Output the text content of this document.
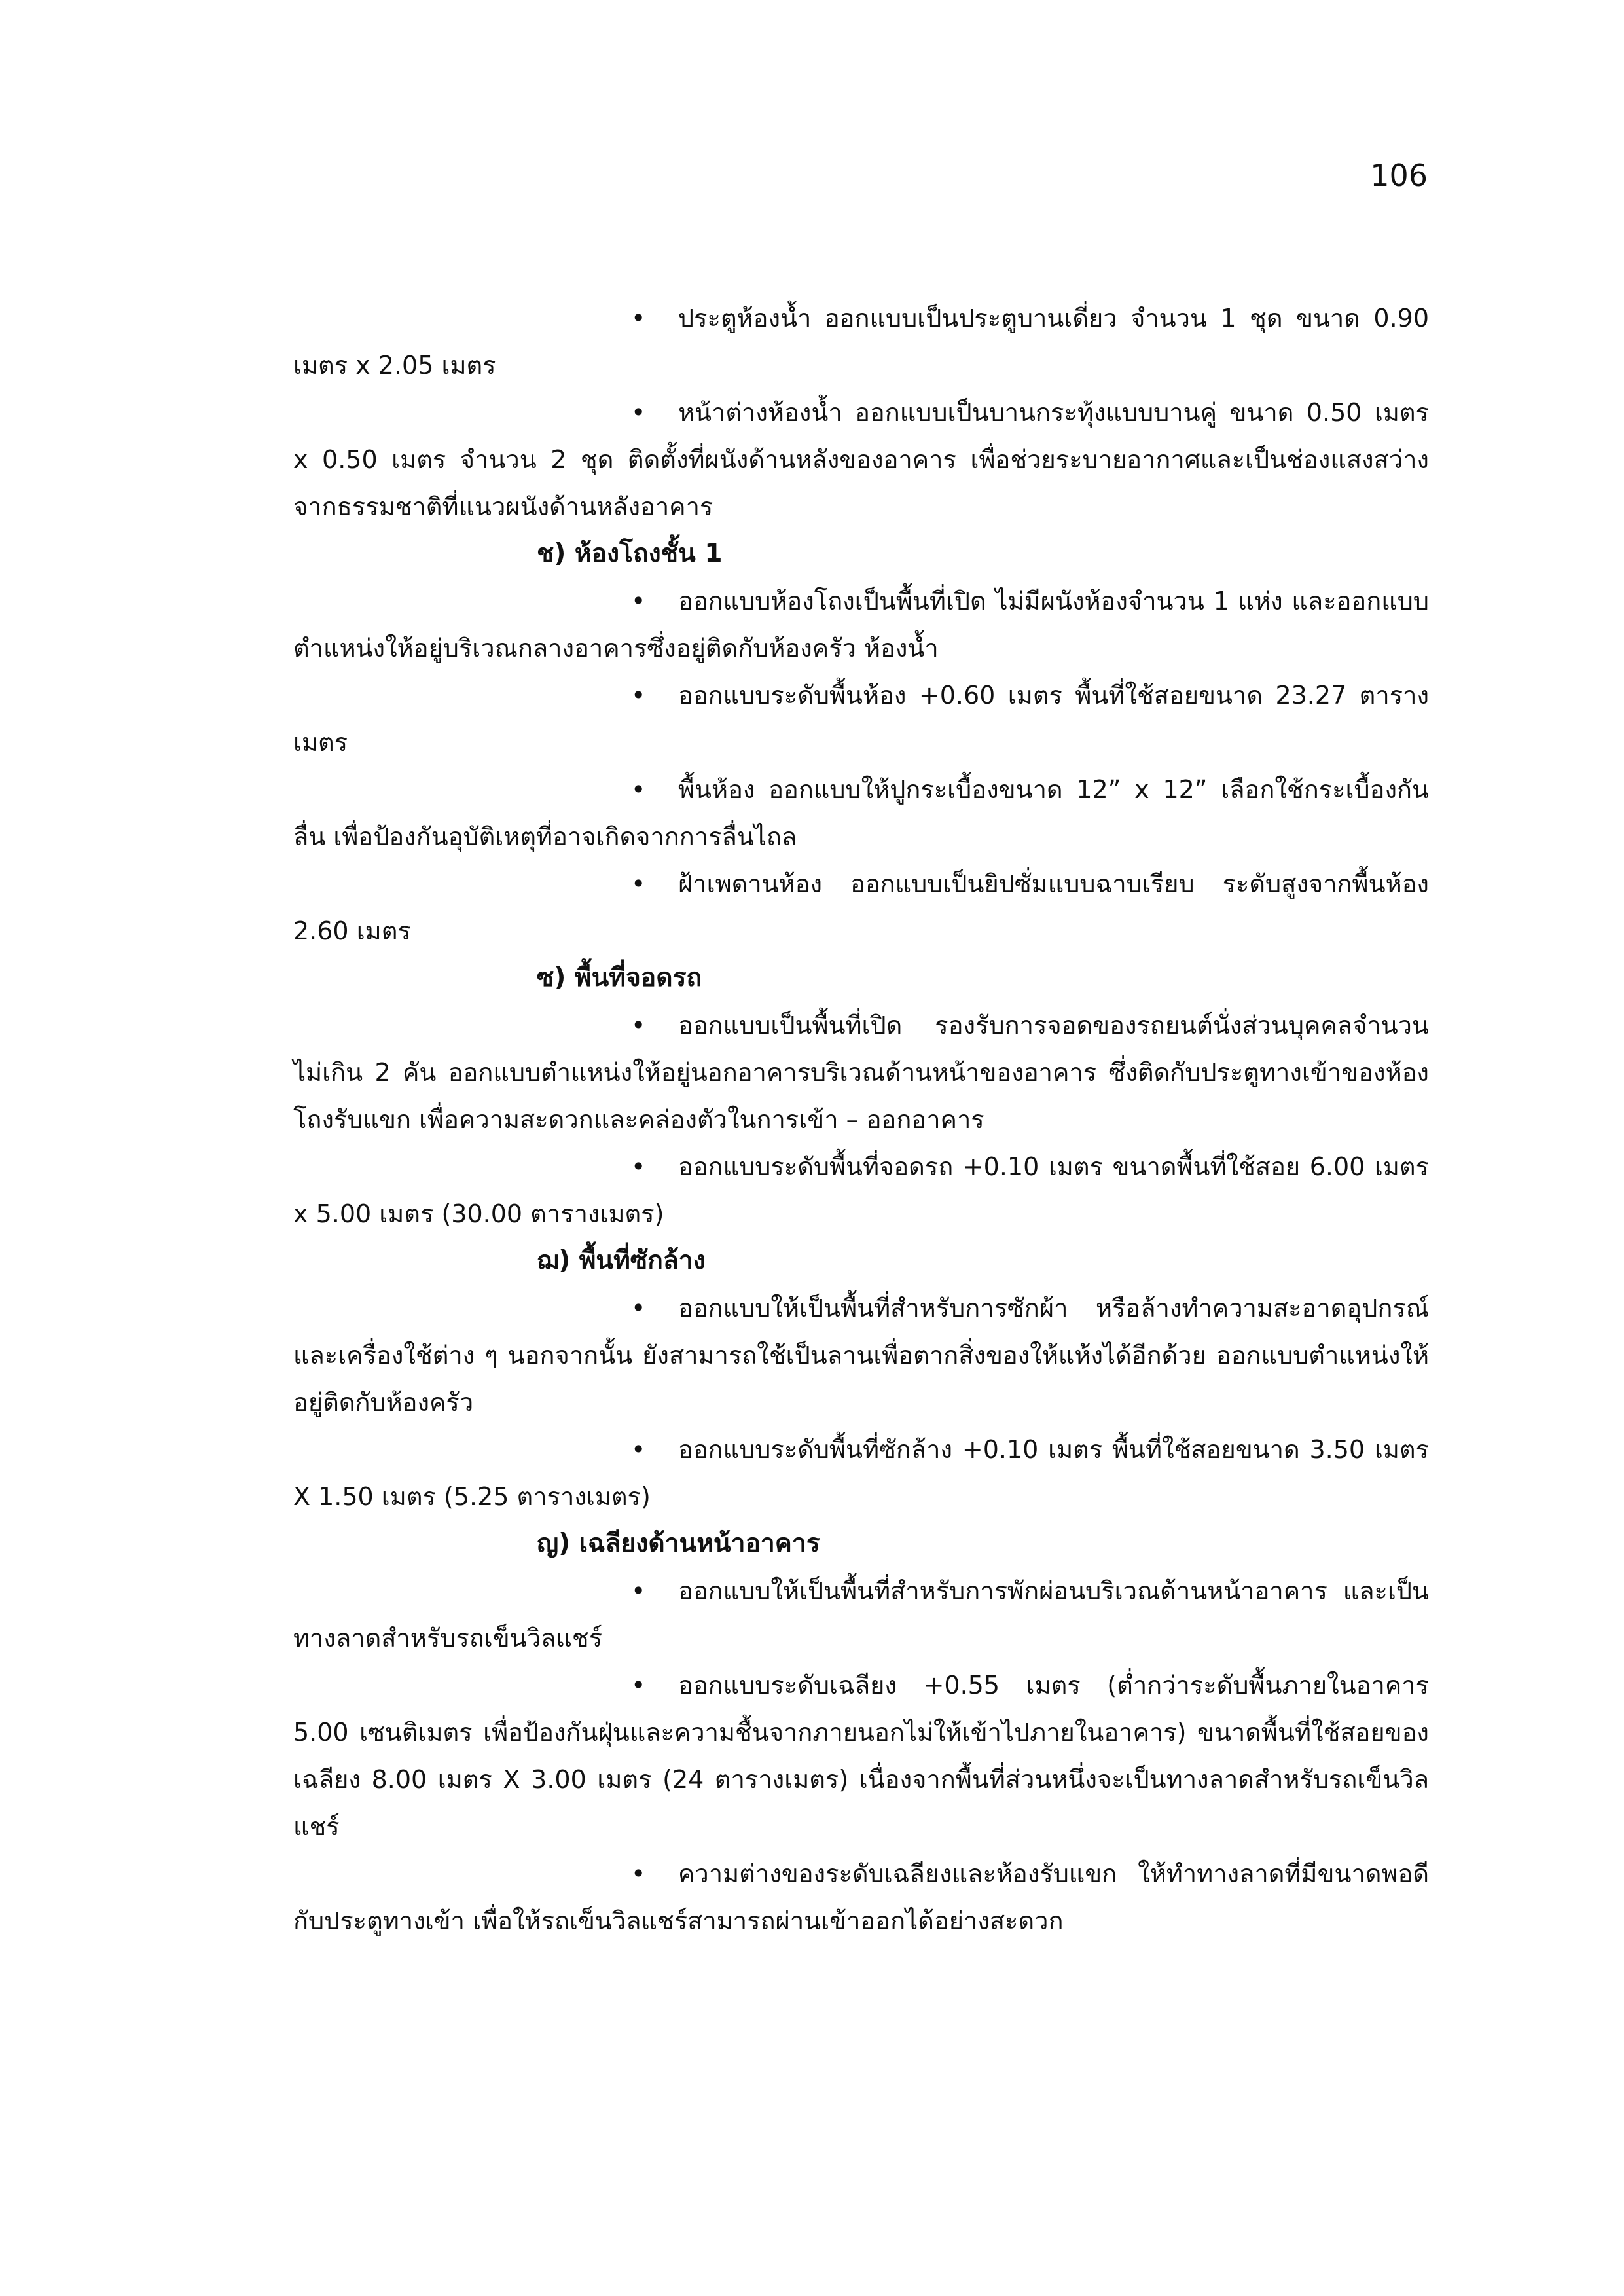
106

• ประตูห้องน้ำ ออกแบบเป็นประตูบานเดี่ยว จำนวน 1 ชุด ขนาด 0.90 เมตร x 2.05 เมตร

• หน้าต่างห้องน้ำ ออกแบบเป็นบานกระทุ้งแบบบานคู่ ขนาด 0.50 เมตร x 0.50 เมตร จำนวน 2 ชุด ติดตั้งที่ผนังด้านหลังของอาคาร เพื่อช่วยระบายอากาศและเป็นช่องแสงสว่างจากธรรมชาติที่แนวผนังด้านหลังอาคาร

ช) ห้องโถงชั้น 1

• ออกแบบห้องโถงเป็นพื้นที่เปิด ไม่มีผนังห้องจำนวน 1 แห่ง และออกแบบตำแหน่งให้อยู่บริเวณกลางอาคารซึ่งอยู่ติดกับห้องครัว ห้องน้ำ

• ออกแบบระดับพื้นห้อง +0.60 เมตร พื้นที่ใช้สอยขนาด 23.27 ตารางเมตร

• พื้นห้อง ออกแบบให้ปูกระเบื้องขนาด 12” x 12” เลือกใช้กระเบื้องกันลื่น เพื่อป้องกันอุบัติเหตุที่อาจเกิดจากการลื่นไถล

• ฝ้าเพดานห้อง ออกแบบเป็นยิปซั่มแบบฉาบเรียบ ระดับสูงจากพื้นห้อง 2.60 เมตร

ซ) พื้นที่จอดรถ

• ออกแบบเป็นพื้นที่เปิด รองรับการจอดของรถยนต์นั่งส่วนบุคคลจำนวนไม่เกิน 2 คัน ออกแบบตำแหน่งให้อยู่นอกอาคารบริเวณด้านหน้าของอาคาร ซึ่งติดกับประตูทางเข้าของห้องโถงรับแขก เพื่อความสะดวกและคล่องตัวในการเข้า – ออกอาคาร

• ออกแบบระดับพื้นที่จอดรถ +0.10 เมตร ขนาดพื้นที่ใช้สอย 6.00 เมตร x 5.00 เมตร (30.00 ตารางเมตร)

ฌ) พื้นที่ซักล้าง

• ออกแบบให้เป็นพื้นที่สำหรับการซักผ้า หรือล้างทำความสะอาดอุปกรณ์และเครื่องใช้ต่าง ๆ นอกจากนั้น ยังสามารถใช้เป็นลานเพื่อตากสิ่งของให้แห้งได้อีกด้วย ออกแบบตำแหน่งให้อยู่ติดกับห้องครัว

• ออกแบบระดับพื้นที่ซักล้าง +0.10 เมตร พื้นที่ใช้สอยขนาด 3.50 เมตร X 1.50 เมตร (5.25 ตารางเมตร)

ญ) เฉลียงด้านหน้าอาคาร

• ออกแบบให้เป็นพื้นที่สำหรับการพักผ่อนบริเวณด้านหน้าอาคาร และเป็นทางลาดสำหรับรถเข็นวิลแชร์

• ออกแบบระดับเฉลียง +0.55 เมตร (ต่ำกว่าระดับพื้นภายในอาคาร 5.00 เซนติเมตร เพื่อป้องกันฝุ่นและความชื้นจากภายนอกไม่ให้เข้าไปภายในอาคาร) ขนาดพื้นที่ใช้สอยของเฉลียง 8.00 เมตร X 3.00 เมตร (24 ตารางเมตร) เนื่องจากพื้นที่ส่วนหนึ่งจะเป็นทางลาดสำหรับรถเข็นวิลแชร์

• ความต่างของระดับเฉลียงและห้องรับแขก ให้ทำทางลาดที่มีขนาดพอดีกับประตูทางเข้า เพื่อให้รถเข็นวิลแชร์สามารถผ่านเข้าออกได้อย่างสะดวก
